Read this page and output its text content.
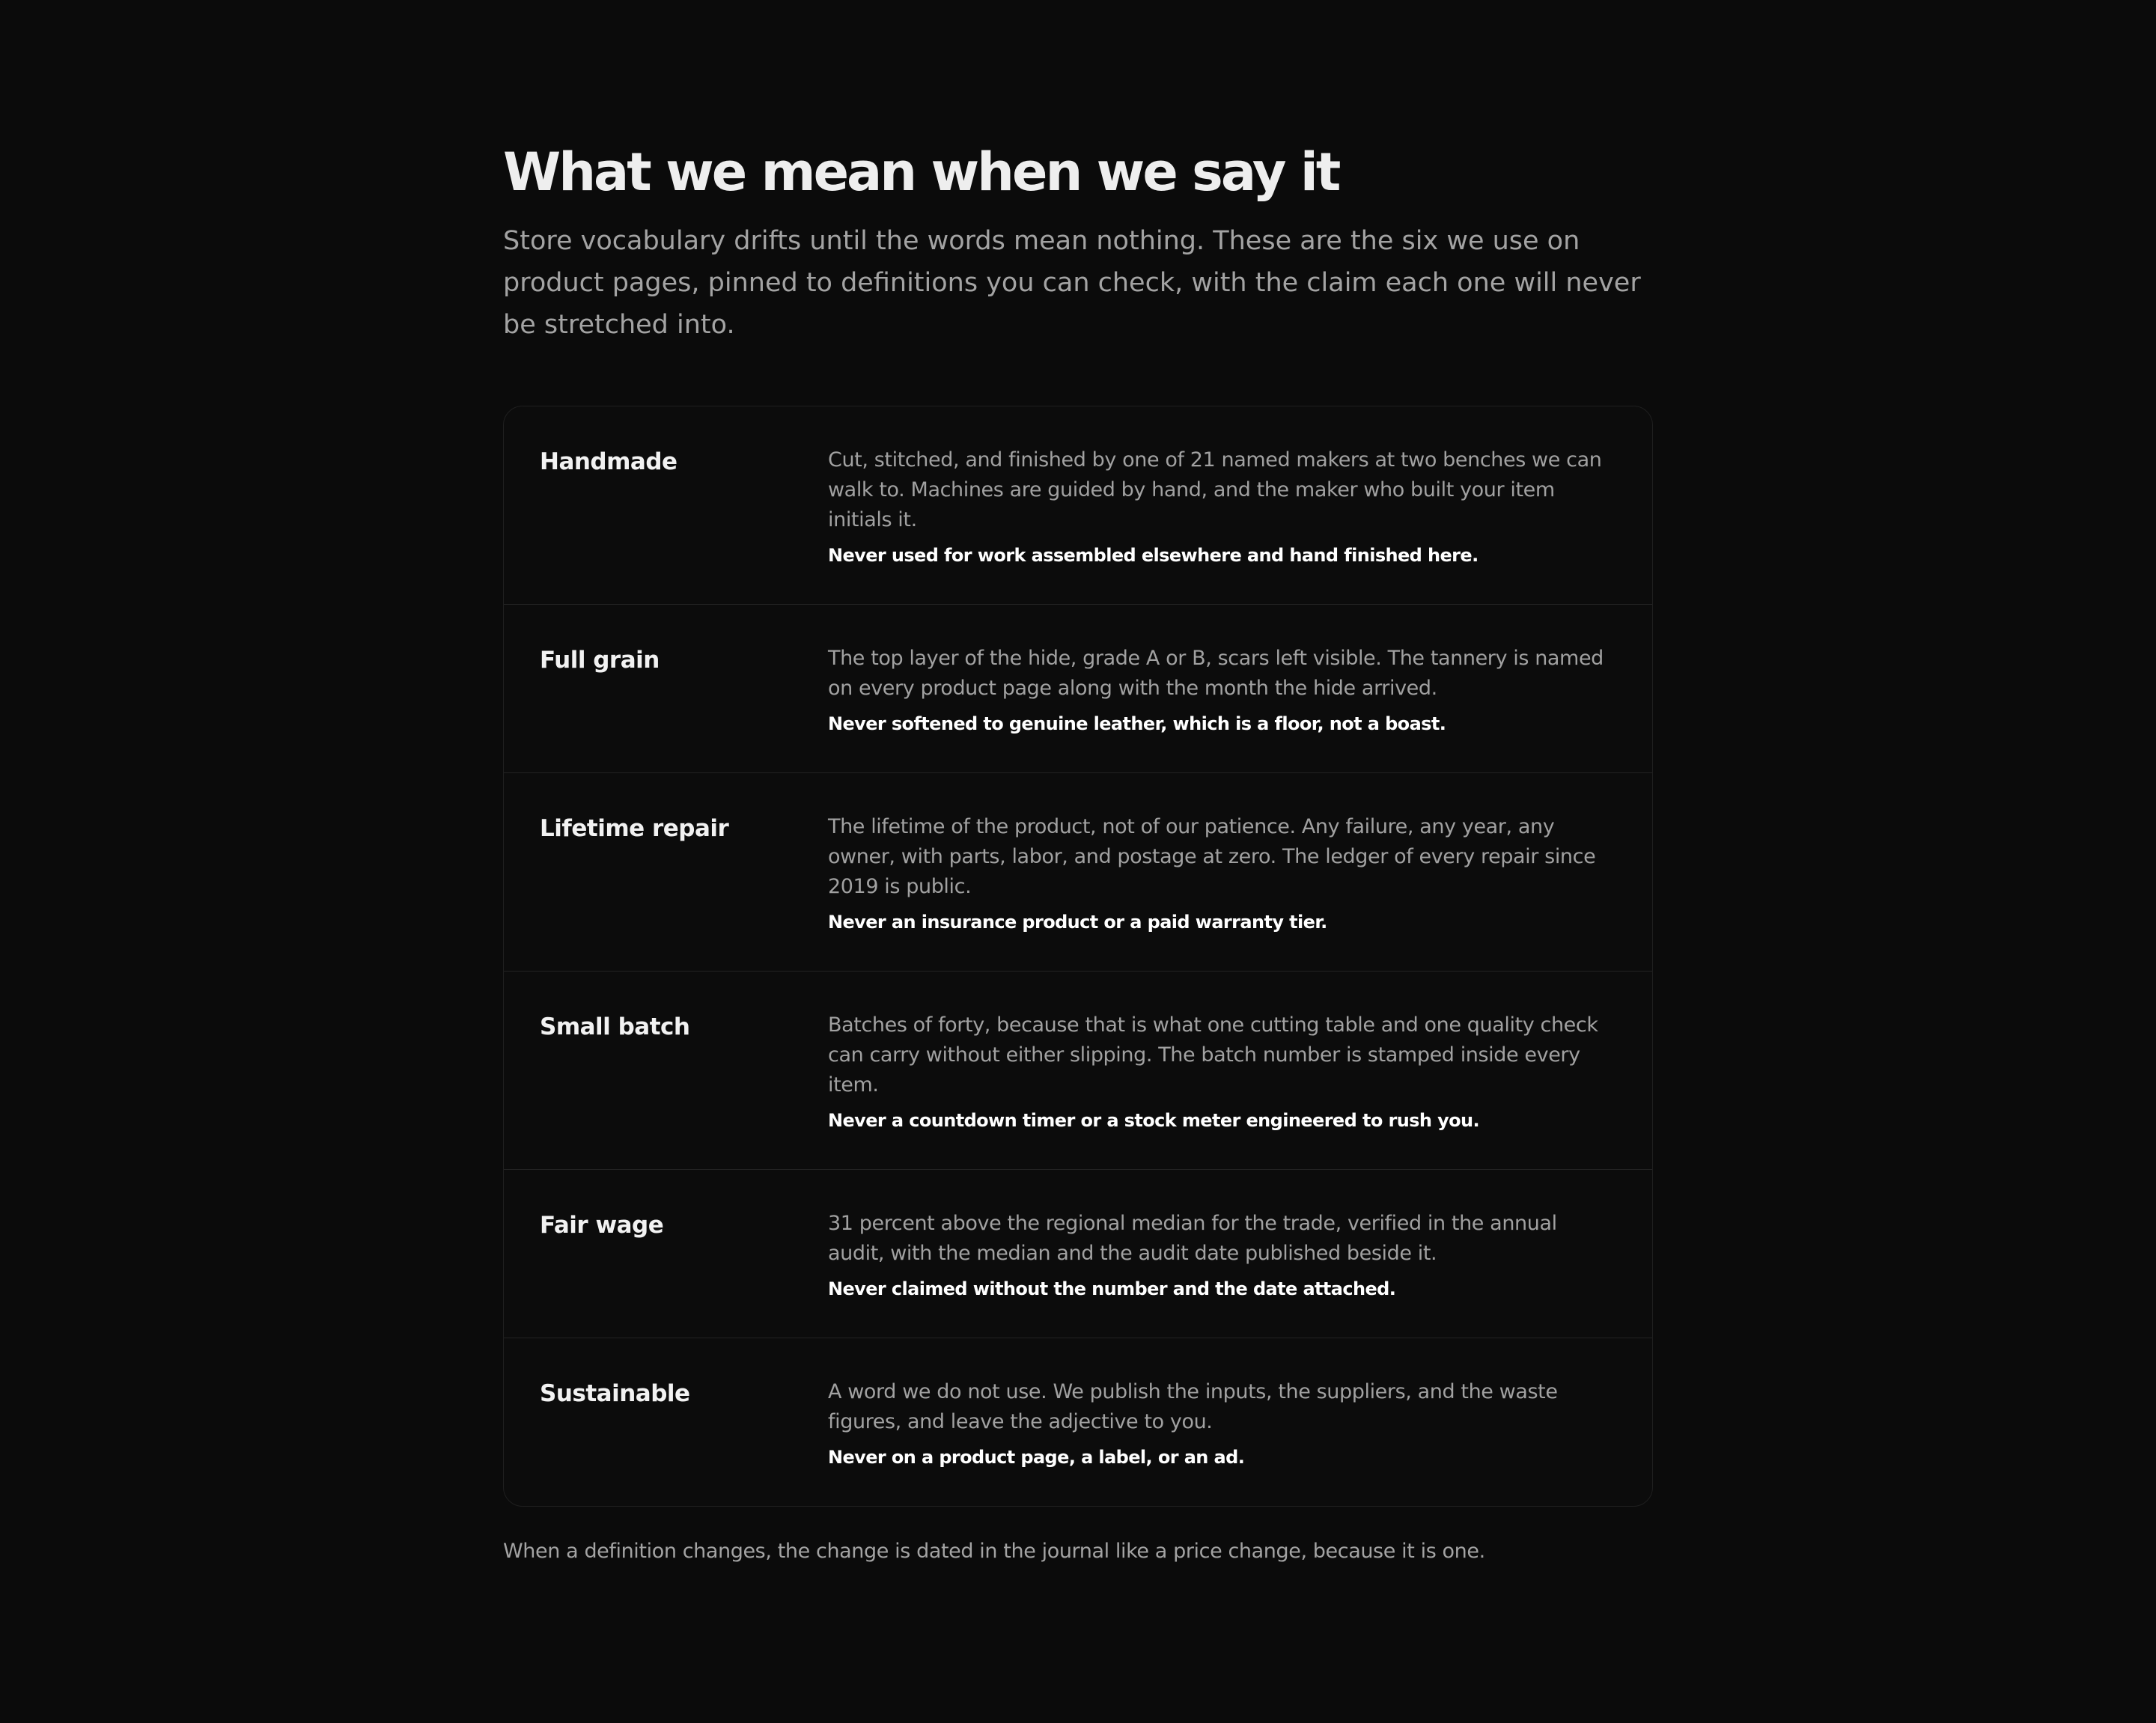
What we mean when we say it

Store vocabulary drifts until the words mean nothing. These are the six we use on product pages, pinned to definitions you can check, with the claim each one will never be stretched into.

Handmade	Cut, stitched, and finished by one of 21 named makers at two benches we can walk to. Machines are guided by hand, and the maker who built your item initials it.

Never used for work assembled elsewhere and hand finished here.

Full grain	The top layer of the hide, grade A or B, scars left visible. The tannery is named on every product page along with the month the hide arrived.

Never softened to genuine leather, which is a floor, not a boast.

Lifetime repair	The lifetime of the product, not of our patience. Any failure, any year, any owner, with parts, labor, and postage at zero. The ledger of every repair since 2019 is public.

Never an insurance product or a paid warranty tier.

Small batch	Batches of forty, because that is what one cutting table and one quality check can carry without either slipping. The batch number is stamped inside every item.

Never a countdown timer or a stock meter engineered to rush you.

Fair wage	31 percent above the regional median for the trade, verified in the annual audit, with the median and the audit date published beside it.

Never claimed without the number and the date attached.

Sustainable	A word we do not use. We publish the inputs, the suppliers, and the waste figures, and leave the adjective to you.

Never on a product page, a label, or an ad.

When a definition changes, the change is dated in the journal like a price change, because it is one.
